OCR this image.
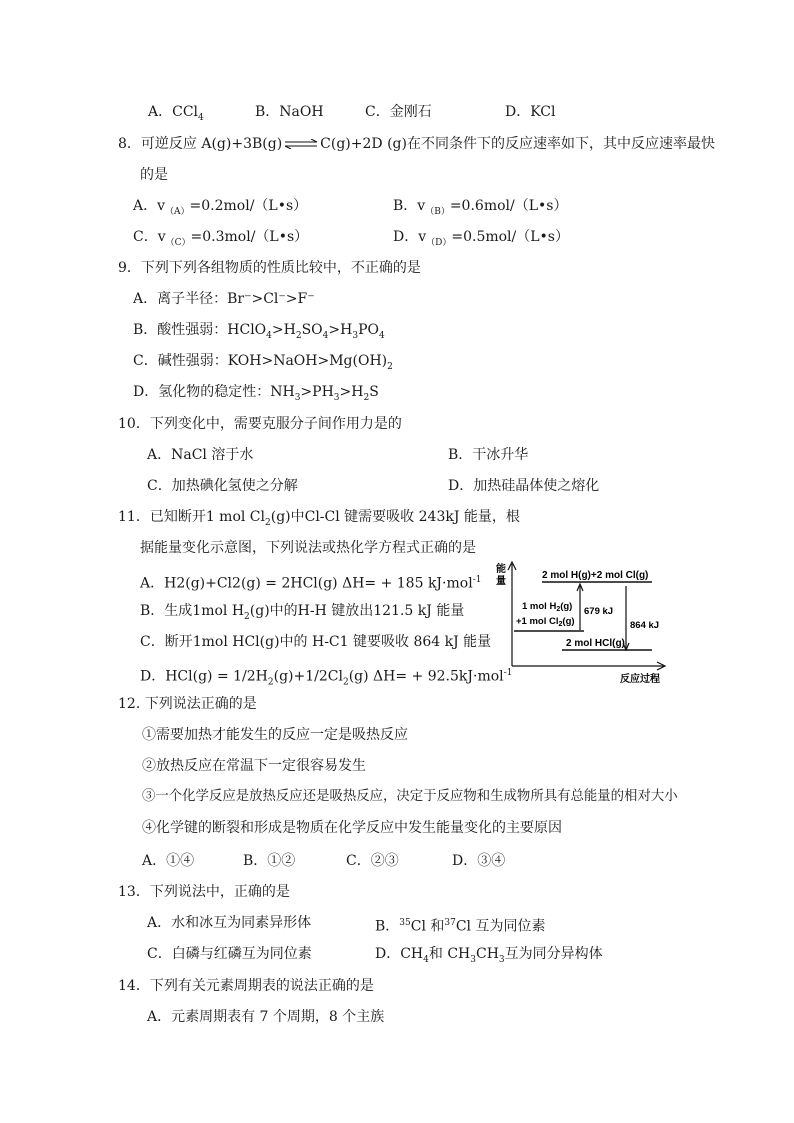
A．CCl$_4$	B．NaOH	C．金刚石	D．KCl
8．可逆反应 A(g)+3B(g) ⇌ C(g)+2D (g)在不同条件下的反应速率如下，其中反应速率最快
的是
A．$v_{(A)}=0.2mol/(L•s)$	B．$v_{(B)}=0.6mol/(L•s)$
C．$v_{(C)}=0.3mol/(L•s)$	D．$v_{(D)}=0.5mol/(L•s)$
9．下列下列各组物质的性质比较中，不正确的是
A．离子半径：Br⁻>Cl⁻>F⁻
B．酸性强弱：$HClO_4>H_2SO_4>H_3PO_4$
C．碱性强弱：$KOH>NaOH>Mg(OH)_2$
D．氢化物的稳定性：$NH_3>PH_3>H_2S$
10．下列变化中，需要克服分子间作用力是的
A．NaCl 溶于水	B．干冰升华
C．加热碘化氢使之分解	D．加热硅晶体使之熔化
11．已知断开1 mol $Cl_2(g)$中Cl-Cl 键需要吸收 243kJ 能量，根
据能量变化示意图，下列说法或热化学方程式正确的是
A．H2(g)+Cl2(g) = 2HCl(g) ΔH= + 185 kJ·mol$^{-1}$
B．生成1mol $H_2(g)$中的H-H 键放出121.5 kJ 能量
C．断开1mol HCl(g)中的 H-C1 键要吸收 864 kJ 能量
D．$HCl(g) = 1/2H_2(g)+1/2Cl_2(g) \Delta H= + 92.5kJ\cdot mol^{-1}$
能
量
2 mol H(g)+2 mol Cl(g)
1 mol $H_2(g)$
+1 mol $Cl_2(g)$
2 mol HCl(g)
679 kJ
864 kJ
反应过程
12. 下列说法正确的是
①需要加热才能发生的反应一定是吸热反应
②放热反应在常温下一定很容易发生
③一个化学反应是放热反应还是吸热反应，决定于反应物和生成物所具有总能量的相对大小
④化学键的断裂和形成是物质在化学反应中发生能量变化的主要原因
A．①④	B．①②	C．②③	D．③④
13．下列说法中，正确的是
A．水和冰互为同素异形体	B．$^{35}$Cl 和$^{37}$Cl 互为同位素
C．白磷与红磷互为同位素	D．$CH_4$和 $CH_3CH_3$互为同分异构体
14．下列有关元素周期表的说法正确的是
A．元素周期表有 7 个周期，8 个主族
